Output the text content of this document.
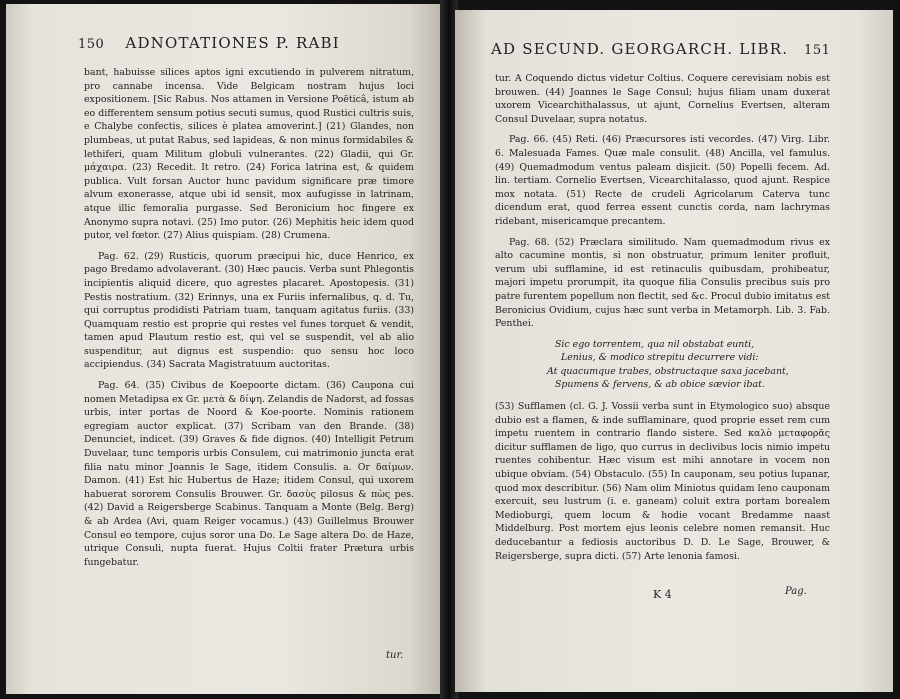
150 ADNOTATIONES P. RABI

bant, habuisse silices aptos igni excutiendo in pulverem nitratum, pro cannabe incensa. Vide Belgicam nostram hujus loci expositionem. [Sic Rabus. Nos attamen in Versione Poëticâ, istum ab eo differentem sensum potius secuti sumus, quod Rustici cultris suis, e Chalybe confectis, silices è platea amoverint.] (21) Glandes, non plumbeas, ut putat Rabus, sed lapideas, & non minus formidabiles & lethiferi, quam Militum globuli vulnerantes. (22) Gladii, qui Gr. μάχαιρα. (23) Recedit. It retro. (24) Forica latrina est, & quidem publica. Vult forsan Auctor hunc pavidum significare præ timore alvum exonerasse, atque ubi id sensit, mox aufugisse in latrinam, atque illic femoralia purgasse. Sed Beronicium hoc fingere ex Anonymo supra notavi. (25) Imo putor. (26) Mephitis heic idem quod putor, vel fœtor. (27) Alius quispiam. (28) Crumena.

Pag. 62. (29) Rusticis, quorum præcipui hic, duce Henrico, ex pago Bredamo advolaverant. (30) Hæc paucis. Verba sunt Phlegontis incipientis aliquid dicere, quo agrestes placaret. Apostopesis. (31) Pestis nostratium. (32) Erinnys, una ex Furiis infernalibus, q. d. Tu, qui corruptus prodidisti Patriam tuam, tanquam agitatus furiis. (33) Quamquam restio est proprie qui restes vel funes torquet & vendit, tamen apud Plautum restio est, qui vel se suspendit, vel ab alio suspenditur, aut dignus est suspendio: quo sensu hoc loco accipiendus. (34) Sacrata Magistratuum auctoritas.

Pag. 64. (35) Civibus de Koepoorte dictam. (36) Caupona cui nomen Metadipsa ex Gr. μετὰ & δίψη. Zelandis de Nadorst, ad fossas urbis, inter portas de Noord & Koe-poorte. Nominis rationem egregiam auctor explicat. (37) Scribam van den Brande. (38) Denunciet, indicet. (39) Graves & fide dignos. (40) Intelligit Petrum Duvelaar, tunc temporis urbis Consulem, cui matrimonio juncta erat filia natu minor Joannis le Sage, itidem Consulis. a. Or δαίμων. Damon. (41) Est hic Hubertus de Haze; itidem Consul, qui uxorem habuerat sororem Consulis Brouwer. Gr. δασὺς pilosus & πὼς pes. (42) David a Reigersberge Scabinus. Tanquam a Monte (Belg. Berg) & ab Ardea (Avi, quam Reiger vocamus.) (43) Guillelmus Brouwer Consul eo tempore, cujus soror una Do. Le Sage altera Do. de Haze, utrique Consuli, nupta fuerat. Hujus Coltii frater Prætura urbis fungebatur.

tur.
AD SECUND. GEORGARCH. LIBR. 151

tur. A Coquendo dictus videtur Coltius. Coquere cerevisiam nobis est brouwen. (44) Joannes le Sage Consul; hujus filiam unam duxerat uxorem Vicearchithalassus, ut ajunt, Cornelius Evertsen, alteram Consul Duvelaar, supra notatus.

Pag. 66. (45) Reti. (46) Præcursores isti vecordes. (47) Virg. Libr. 6. Malesuada Fames. Quæ male consulit. (48) Ancilla, vel famulus. (49) Quemadmodum ventus paleam disjicit. (50) Popelli fecem. Ad. lin. tertiam. Cornelio Evertsen, Vicearchitalasso, quod ajunt. Respice mox notata. (51) Recte de crudeli Agricolarum Caterva tunc dicendum erat, quod ferrea essent cunctis corda, nam lachrymas ridebant, misericamque precantem.

Pag. 68. (52) Præclara similitudo. Nam quemadmodum rivus ex alto cacumine montis, si non obstruatur, primum leniter profluit, verum ubi sufflamine, id est retinaculis quibusdam, prohibeatur, majori impetu prorumpit, ita quoque filia Consulis precibus suis pro patre furentem popellum non flectit, sed &c. Procul dubio imitatus est Beronicius Ovidium, cujus hæc sunt verba in Metamorph. Lib. 3. Fab. Penthei.

Sic ego torrentem, qua nil obstabat eunti,
Lenius, & modico strepitu decurrere vidi:
At quacumque trabes, obstructaque saxa jacebant,
Spumens & fervens, & ab obice sævior ibat.

(53) Sufflamen (cl. G. J. Vossii verba sunt in Etymologico suo) absque dubio est a flamen, & inde sufflaminare, quod proprie esset rem cum impetu ruentem in contrario flando sistere. Sed καλὸ μεταφορᾶς dicitur sufflamen de ligo, quo currus in declivibus locis nimio impetu ruentes cohibentur. Hæc visum est mihi annotare in vocem non ubique obviam. (54) Obstaculo. (55) In cauponam, seu potius lupanar, quod mox describitur. (56) Nam olim Miniotus quidam leno cauponam exercuit, seu lustrum (i. e. ganeam) coluit extra portam borealem Medioburgi, quem locum & hodie vocant Bredamme naast Middelburg. Post mortem ejus leonis celebre nomen remansit. Huc deducebantur a fediosis auctoribus D. D. Le Sage, Brouwer, & Reigersberge, supra dicti. (57) Arte lenonia famosi.

K 4	Pag.
